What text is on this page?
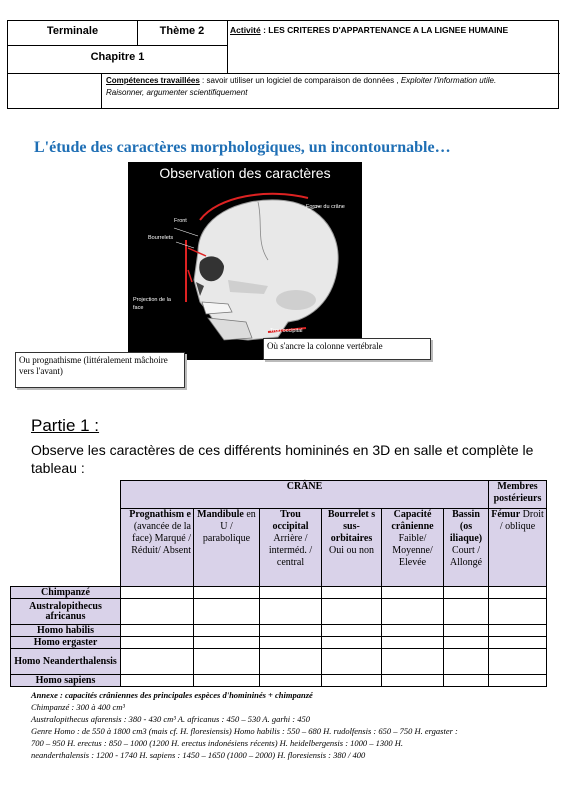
Terminale	Thème 2
Chapitre 1
Activité : LES CRITERES D'APPARTENANCE A LA LIGNEE HUMAINE
Compétences travaillées : savoir utiliser un logiciel de comparaison de données , Exploiter l'information utile. Raisonner, argumenter scientifiquement
L'étude des caractères morphologiques, un incontournable…
Observation des caractères
Forme du crâne
Front
Bourrelets
Projection de la face
Trou occipital
Où s'ancre la colonne vertébrale
Ou prognathisme (littéralement mâchoire vers l'avant)
Partie 1 :
Observe les caractères de ces différents homininés en 3D en salle et complète le tableau :
	CRÂNE						Membres postérieurs
	Prognathism e (avancée de la face) Marqué / Réduit/ Absent	Mandibule en U / parabolique	Trou occipital Arrière / interméd. / central	Bourrelet s sus-orbitaires Oui ou non	Capacité crânienne Faible/ Moyenne/ Elevée	Bassin (os iliaque) Court / Allongé	Fémur Droit / oblique
Chimpanzé							
Australopithecus africanus							
Homo habilis							
Homo ergaster							
Homo Neanderthalensis							
Homo sapiens							
Annexe : capacités crâniennes des principales espèces d'homininés + chimpanzé
Chimpanzé : 300 à 400 cm³
Australopithecus afarensis : 380 - 430 cm³ A. africanus : 450 – 530 A. garhi : 450
Genre Homo : de 550 à 1800 cm3 (mais cf. H. floresiensis) Homo habilis : 550 – 680 H. rudolfensis : 650 – 750 H. ergaster :
700 – 950 H. erectus : 850 – 1000 (1200 H. erectus indonésiens récents) H. heidelbergensis : 1000 – 1300 H.
neanderthalensis : 1200 - 1740 H. sapiens : 1450 – 1650 (1000 – 2000) H. floresiensis : 380 / 400
